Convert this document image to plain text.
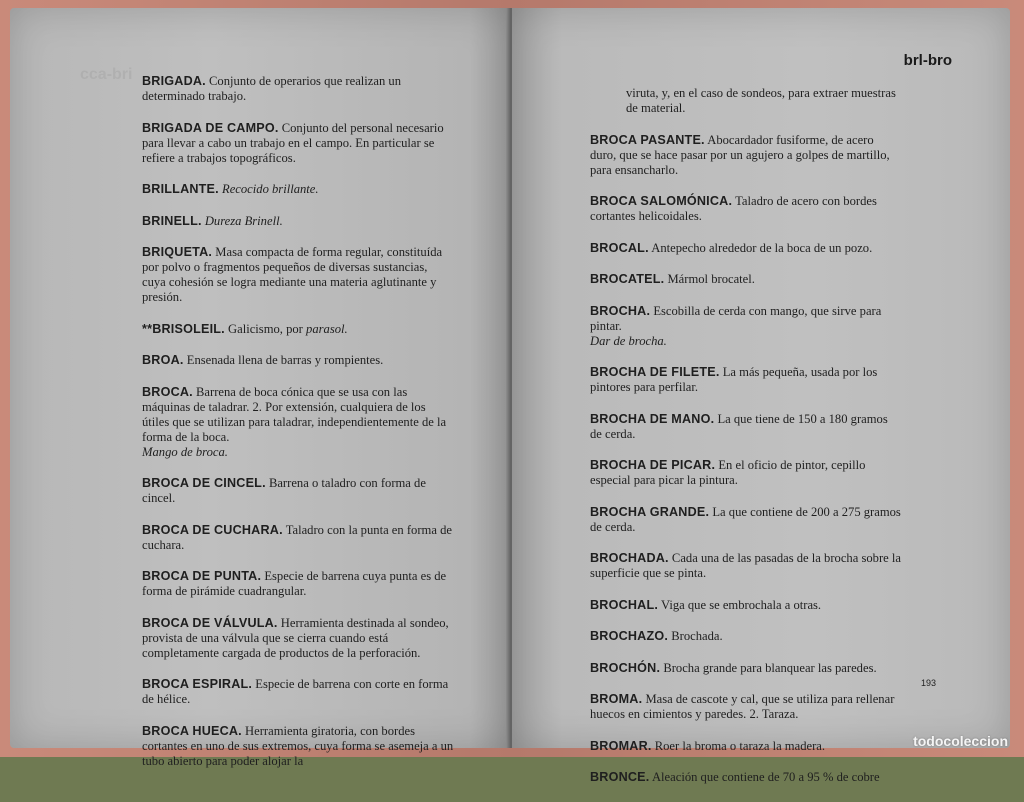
cca-bri BRIGADA. Conjunto de operarios que realizan un determinado trabajo.
BRIGADA DE CAMPO. Conjunto del personal necesario para llevar a cabo un trabajo en el campo. En particular se refiere a trabajos topográficos.
BRILLANTE. Recocido brillante.
BRINELL. Dureza Brinell.
BRIQUETA. Masa compacta de forma regular, constituída por polvo o fragmentos pequeños de diversas sustancias, cuya cohesión se logra mediante una materia aglutinante y presión.
**BRISOLEIL. Galicismo, por parasol.
BROA. Ensenada llena de barras y rompientes.
BROCA. Barrena de boca cónica que se usa con las máquinas de taladrar. 2. Por extensión, cualquiera de los útiles que se utilizan para taladrar, independientemente de la forma de la boca.
Mango de broca.
BROCA DE CINCEL. Barrena o taladro con forma de cincel.
BROCA DE CUCHARA. Taladro con la punta en forma de cuchara.
BROCA DE PUNTA. Especie de barrena cuya punta es de forma de pirámide cuadrangular.
BROCA DE VÁLVULA. Herramienta destinada al sondeo, provista de una válvula que se cierra cuando está completamente cargada de productos de la perforación.
BROCA ESPIRAL. Especie de barrena con corte en forma de hélice.
BROCA HUECA. Herramienta giratoria, con bordes cortantes en uno de sus extremos, cuya forma se asemeja a un tubo abierto para poder alojar la
brl-bro
viruta, y, en el caso de sondeos, para extraer muestras de material.
BROCA PASANTE. Abocardador fusiforme, de acero duro, que se hace pasar por un agujero a golpes de martillo, para ensancharlo.
BROCA SALOMÓNICA. Taladro de acero con bordes cortantes helicoidales.
BROCAL. Antepecho alrededor de la boca de un pozo.
BROCATEL. Mármol brocatel.
BROCHA. Escobilla de cerda con mango, que sirve para pintar.
Dar de brocha.
BROCHA DE FILETE. La más pequeña, usada por los pintores para perfilar.
BROCHA DE MANO. La que tiene de 150 a 180 gramos de cerda.
BROCHA DE PICAR. En el oficio de pintor, cepillo especial para picar la pintura.
BROCHA GRANDE. La que contiene de 200 a 275 gramos de cerda.
BROCHADA. Cada una de las pasadas de la brocha sobre la superficie que se pinta.
BROCHAL. Viga que se embrochala a otras.
BROCHAZO. Brochada.
BROCHÓN. Brocha grande para blanquear las paredes.
BROMA. Masa de cascote y cal, que se utiliza para rellenar huecos en cimientos y paredes. 2. Taraza.
BROMAR. Roer la broma o taraza la madera.
BRONCE. Aleación que contiene de 70 a 95 % de cobre
193
todocoleccion
